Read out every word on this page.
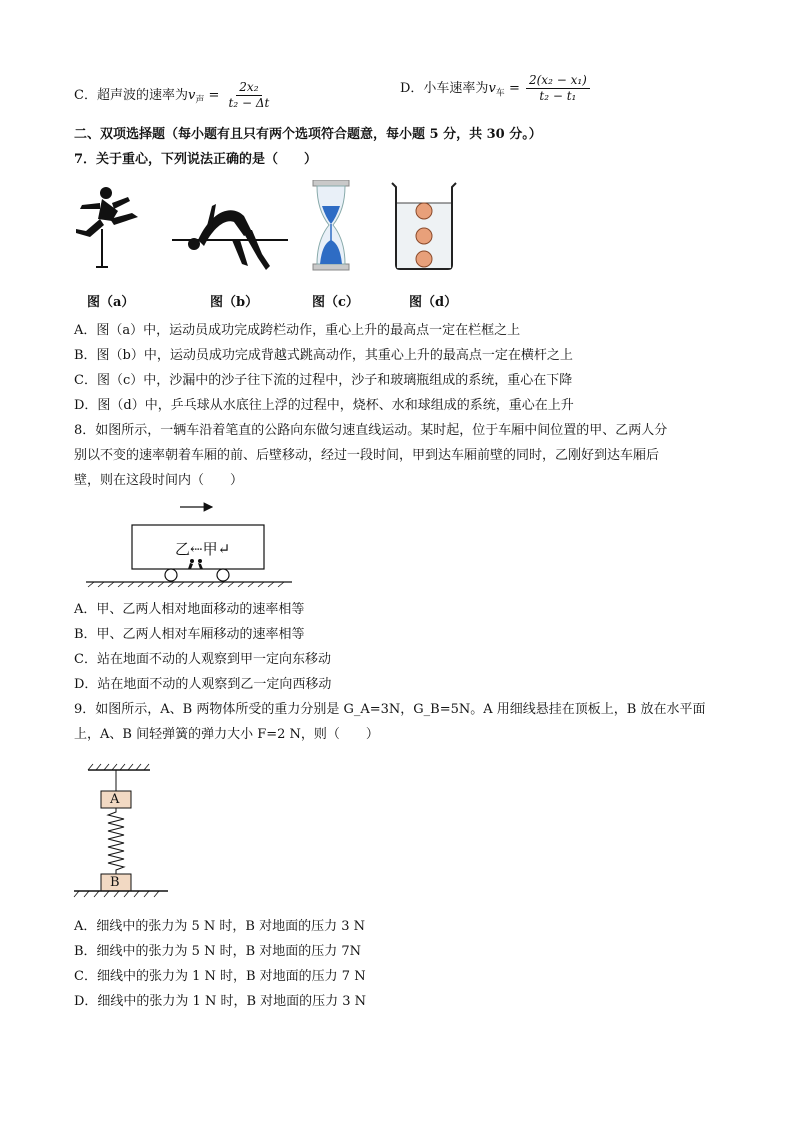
C．超声波的速率为$v_声 = \frac{\text{2x₂}}{\text{t₂ − Δt}}$	D．小车速率为$v_车 = \frac{\text{2(x₂ − x₁)}}{\text{t₂ − t₁}}$
二、双项选择题（每小题有且只有两个选项符合题意，每小题 5 分，共 30 分。）
7．关于重心，下列说法正确的是（　　）
图（a）	图（b）	图（c）	图（d）
A．图（a）中，运动员成功完成跨栏动作，重心上升的最高点一定在栏框之上
B．图（b）中，运动员成功完成背越式跳高动作，其重心上升的最高点一定在横杆之上
C．图（c）中，沙漏中的沙子往下流的过程中，沙子和玻璃瓶组成的系统，重心在下降
D．图（d）中，乒乓球从水底往上浮的过程中，烧杯、水和球组成的系统，重心在上升
8．如图所示，一辆车沿着笔直的公路向东做匀速直线运动。某时起，位于车厢中间位置的甲、乙两人分
别以不变的速率朝着车厢的前、后壁移动，经过一段时间，甲到达车厢前壁的同时，乙刚好到达车厢后
壁，则在这段时间内（　　）
乙⇠甲↵
A．甲、乙两人相对地面移动的速率相等
B．甲、乙两人相对车厢移动的速率相等
C．站在地面不动的人观察到甲一定向东移动
D．站在地面不动的人观察到乙一定向西移动
9．如图所示，A、B 两物体所受的重力分别是 G_A=3N，G_B=5N。A 用细线悬挂在顶板上，B 放在水平面
上，A、B 间轻弹簧的弹力大小 F=2 N，则（　　）
A
B
A．细线中的张力为 5 N 时，B 对地面的压力 3 N
B．细线中的张力为 5 N 时，B 对地面的压力 7N
C．细线中的张力为 1 N 时，B 对地面的压力 7 N
D．细线中的张力为 1 N 时，B 对地面的压力 3 N
